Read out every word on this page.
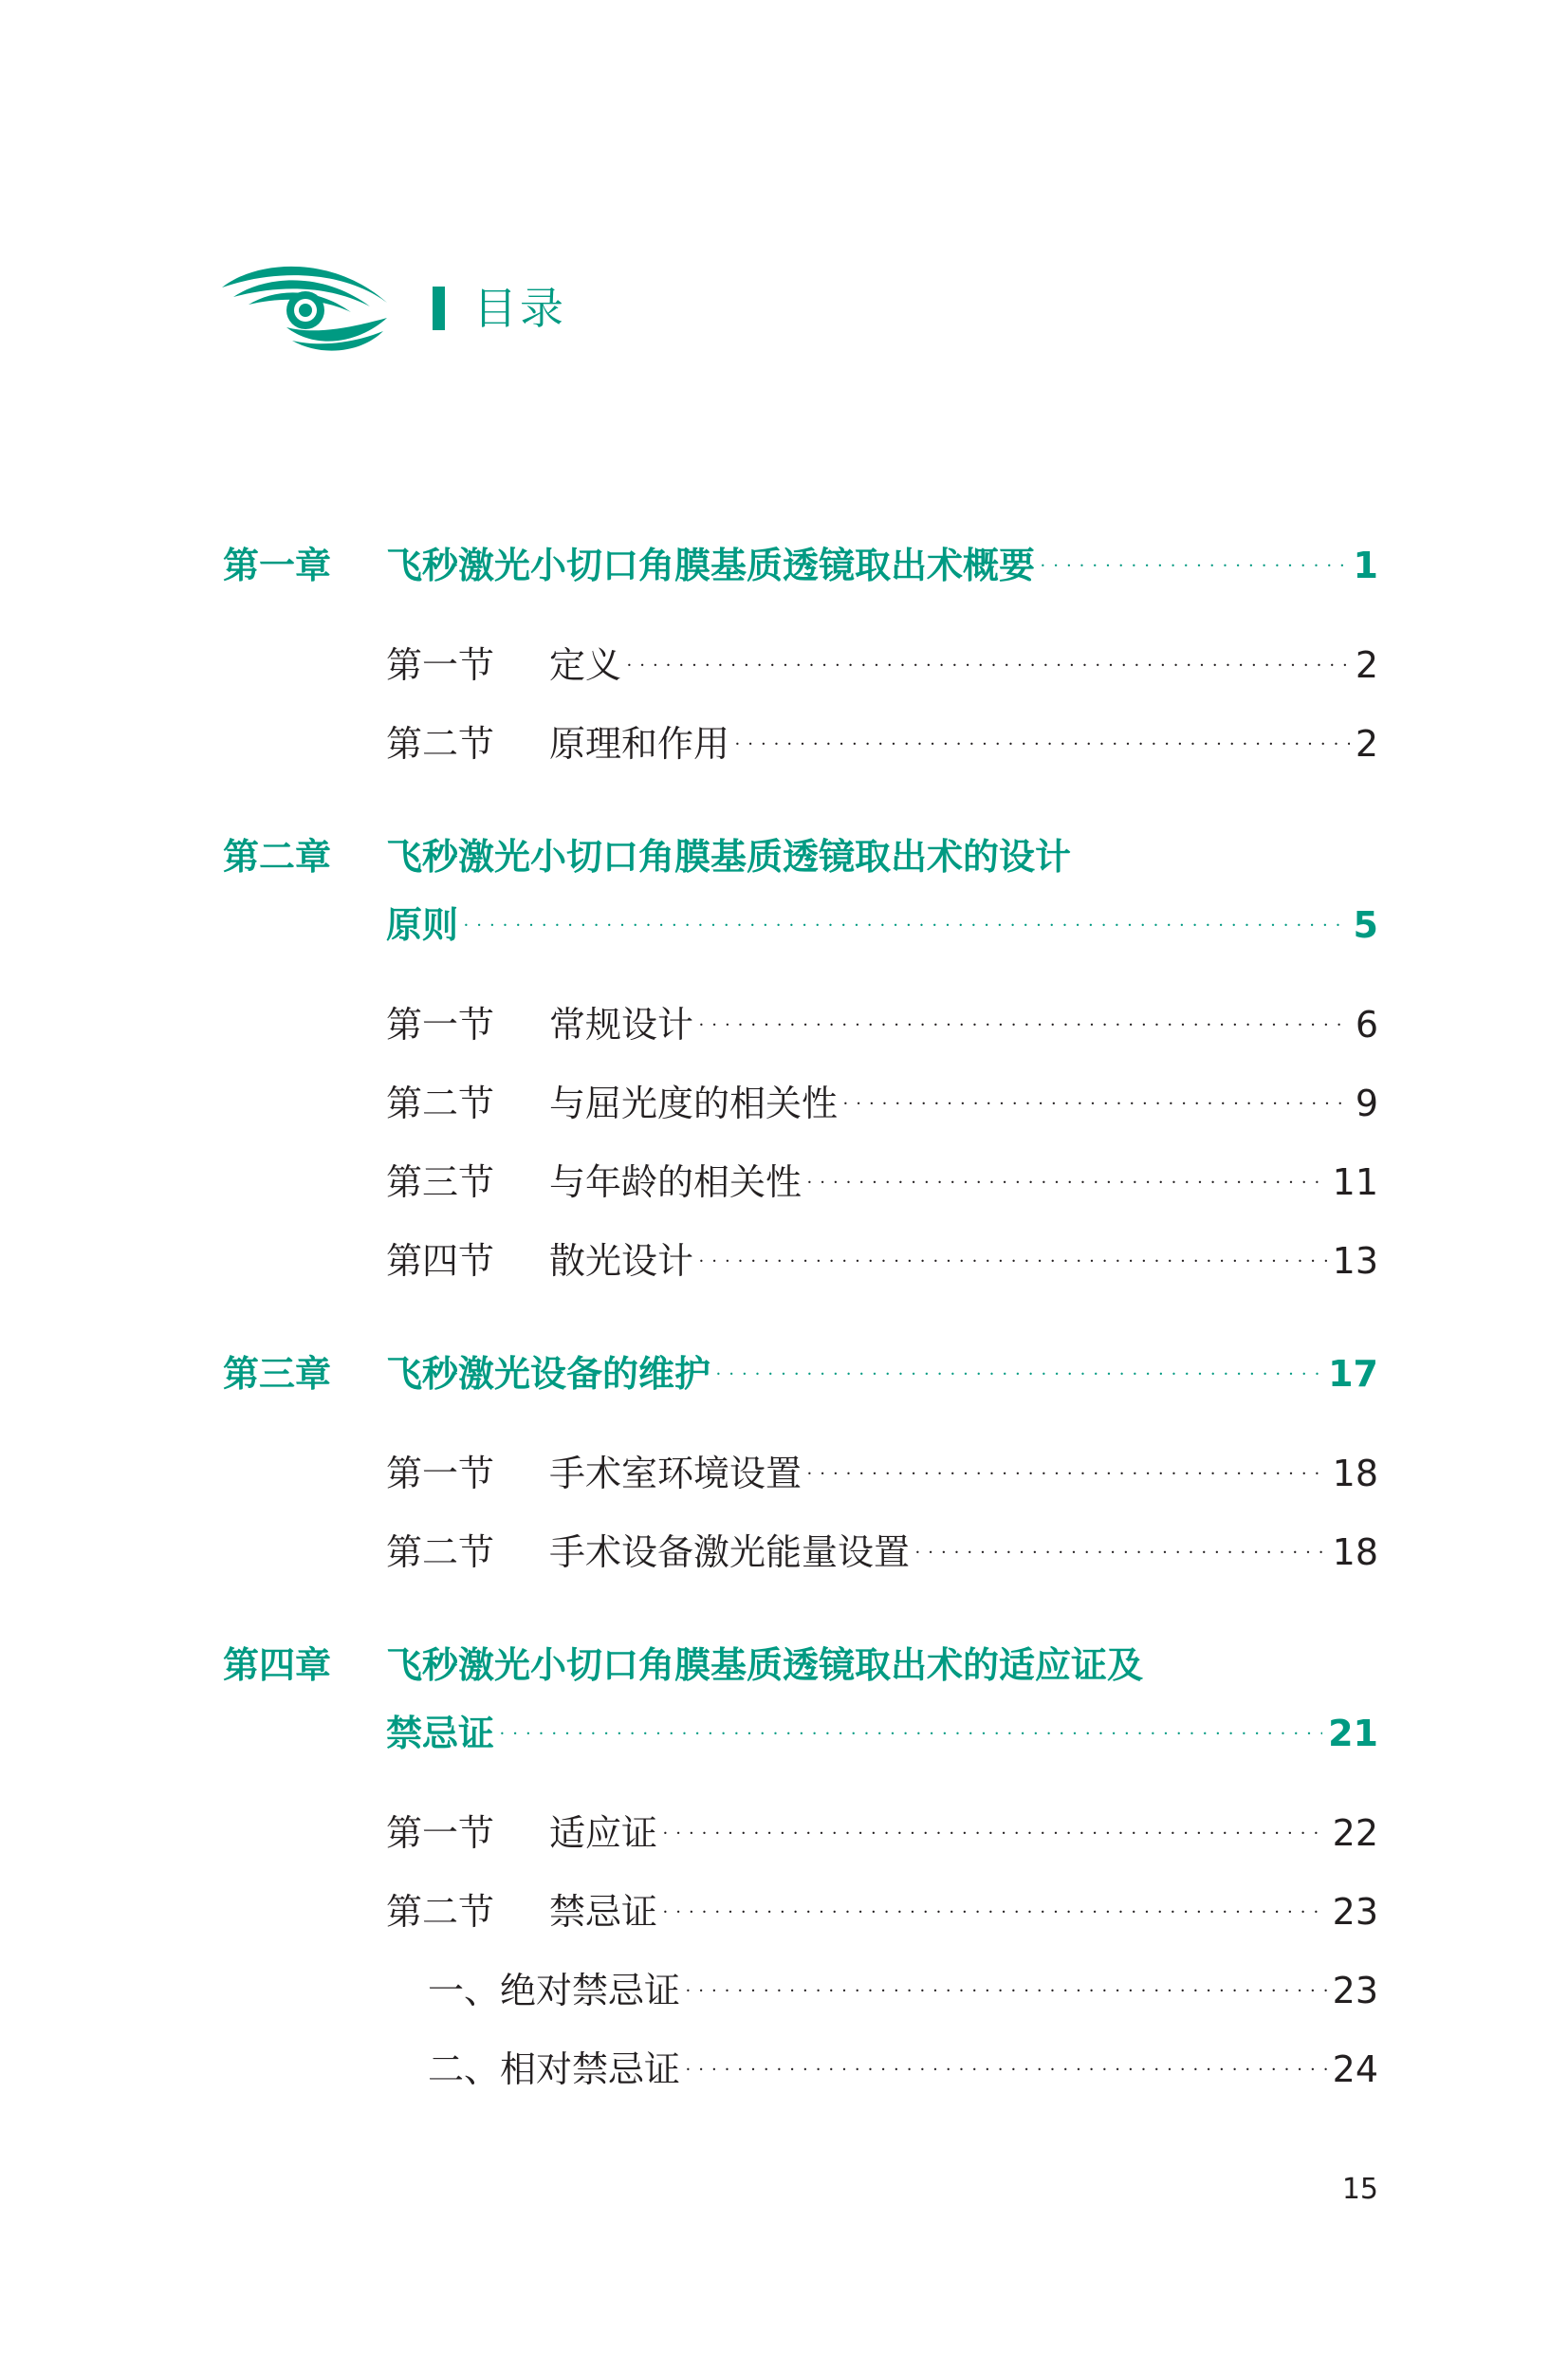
目录
第一章	飞秒激光小切口角膜基质透镜取出术概要 •••••	1
第一节	定义 •••••	2
第二节	原理和作用 •••••	2
第二章	飞秒激光小切口角膜基质透镜取出术的设计
原则 •••••	5
第一节	常规设计 •••••	6
第二节	与屈光度的相关性 •••••	9
第三节	与年龄的相关性 •••••	11
第四节	散光设计 •••••	13
第三章	飞秒激光设备的维护 •••••	17
第一节	手术室环境设置 •••••	18
第二节	手术设备激光能量设置 •••••	18
第四章	飞秒激光小切口角膜基质透镜取出术的适应证及
禁忌证 •••••	21
第一节	适应证 •••••	22
第二节	禁忌证 •••••	23
一、绝对禁忌证 •••••	23
二、相对禁忌证 •••••	24
15
